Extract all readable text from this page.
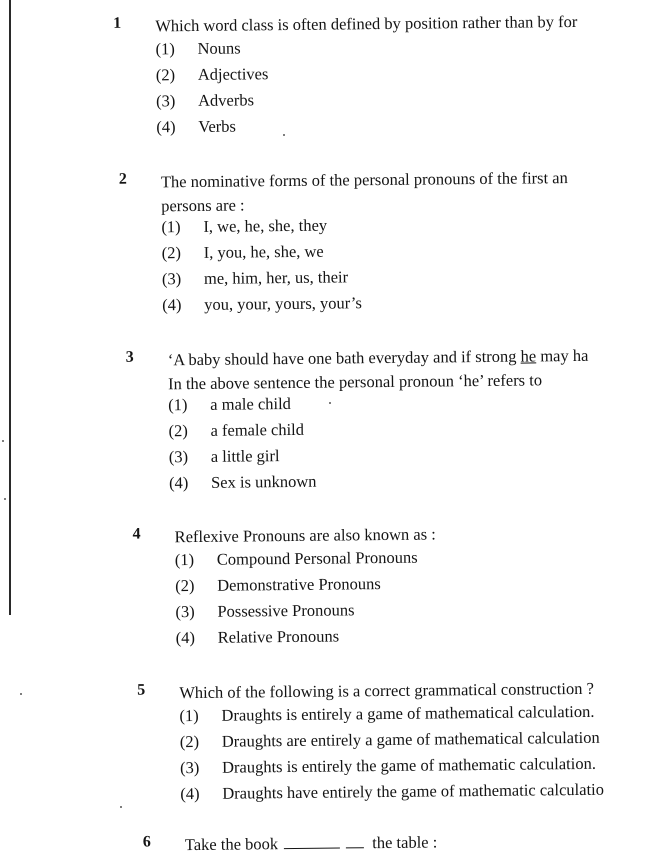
1 Which word class is often defined by position rather than by for
(1) Nouns
(2) Adjectives
(3) Adverbs
(4) Verbs
2 The nominative forms of the personal pronouns of the first an
persons are :
(1) I, we, he, she, they
(2) I, you, he, she, we
(3) me, him, her, us, their
(4) you, your, yours, your’s
3 ‘A baby should have one bath everyday and if strong he may ha
In the above sentence the personal pronoun ‘he’ refers to
(1) a male child
(2) a female child
(3) a little girl
(4) Sex is unknown
4 Reflexive Pronouns are also known as :
(1) Compound Personal Pronouns
(2) Demonstrative Pronouns
(3) Possessive Pronouns
(4) Relative Pronouns
5 Which of the following is a correct grammatical construction ?
(1) Draughts is entirely a game of mathematical calculation.
(2) Draughts are entirely a game of mathematical calculation
(3) Draughts is entirely the game of mathematic calculation.
(4) Draughts have entirely the game of mathematic calculatio
6 Take the book	the table :
